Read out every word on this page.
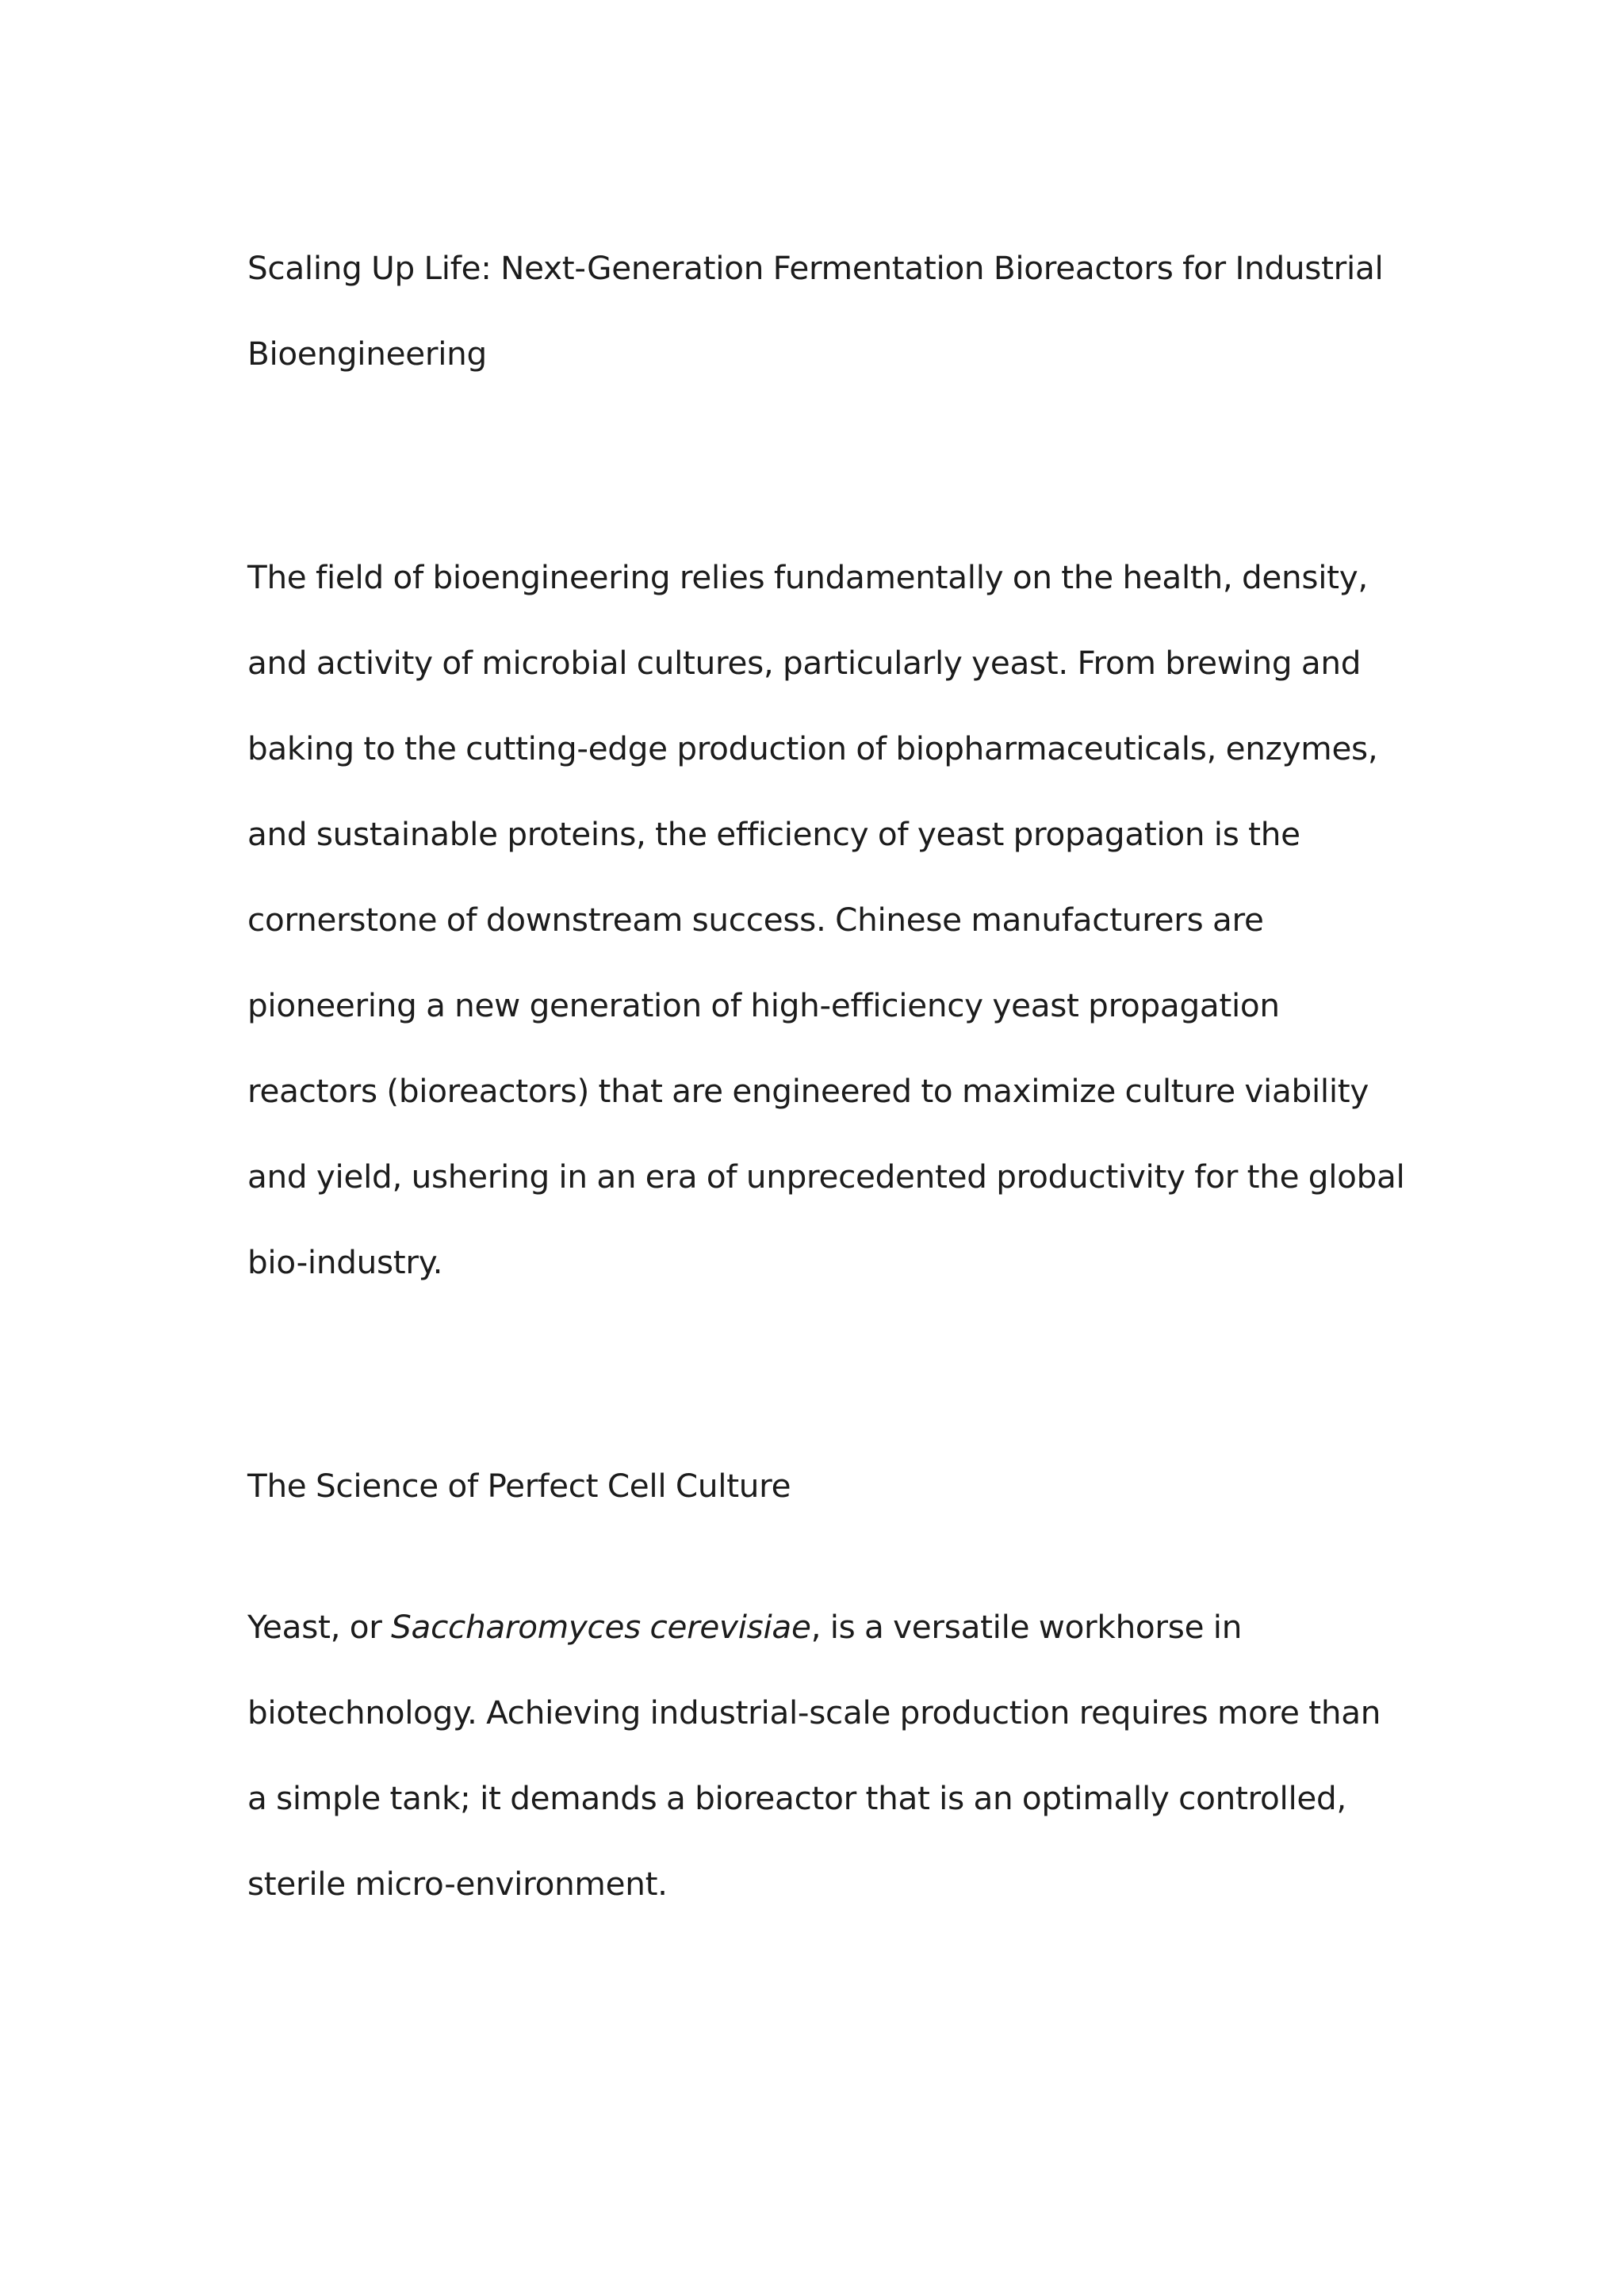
Scaling Up Life: Next-Generation Fermentation Bioreactors for Industrial Bioengineering

The field of bioengineering relies fundamentally on the health, density, and activity of microbial cultures, particularly yeast. From brewing and baking to the cutting-edge production of biopharmaceuticals, enzymes, and sustainable proteins, the efficiency of yeast propagation is the cornerstone of downstream success. Chinese manufacturers are pioneering a new generation of high-efficiency yeast propagation reactors (bioreactors) that are engineered to maximize culture viability and yield, ushering in an era of unprecedented productivity for the global bio-industry.

The Science of Perfect Cell Culture

Yeast, or Saccharomyces cerevisiae, is a versatile workhorse in biotechnology. Achieving industrial-scale production requires more than a simple tank; it demands a bioreactor that is an optimally controlled, sterile micro-environment.
